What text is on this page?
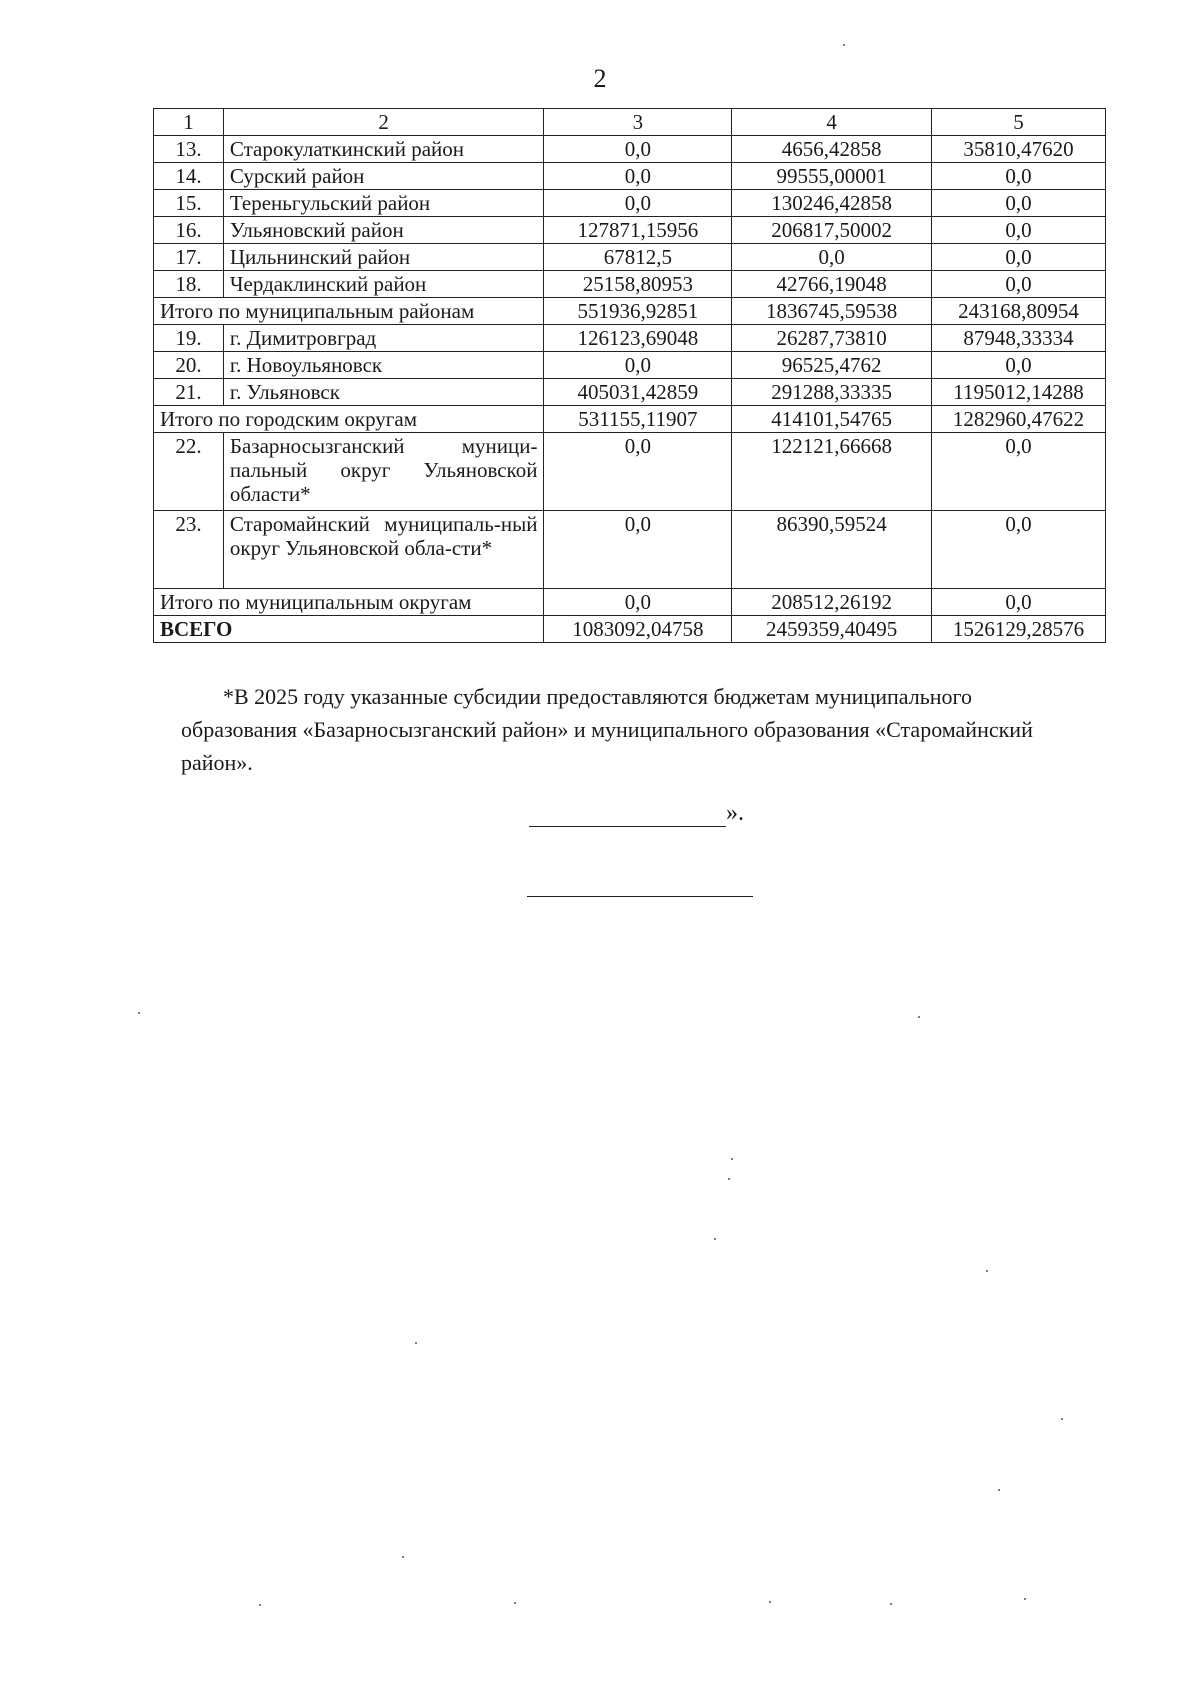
2
1	2	3	4	5
13.	Старокулаткинский район	0,0	4656,42858	35810,47620
14.	Сурский район	0,0	99555,00001	0,0
15.	Тереньгульский район	0,0	130246,42858	0,0
16.	Ульяновский район	127871,15956	206817,50002	0,0
17.	Цильнинский район	67812,5	0,0	0,0
18.	Чердаклинский район	25158,80953	42766,19048	0,0
Итого по муниципальным районам		551936,92851	1836745,59538	243168,80954
19.	г. Димитровград	126123,69048	26287,73810	87948,33334
20.	г. Новоульяновск	0,0	96525,4762	0,0
21.	г. Ульяновск	405031,42859	291288,33335	1195012,14288
Итого по городским округам		531155,11907	414101,54765	1282960,47622
22.	Базарносызганский муници-пальный округ Ульяновской области*	0,0	122121,66668	0,0
23.	Старомайнский муниципаль-ный округ Ульяновской обла-сти*	0,0	86390,59524	0,0
Итого по муниципальным округам		0,0	208512,26192	0,0
ВСЕГО		1083092,04758	2459359,40495	1526129,28576
*В 2025 году указанные субсидии предоставляются бюджетам муниципального
образования «Базарносызганский район» и муниципального образования «Старомайнский
район».
».
